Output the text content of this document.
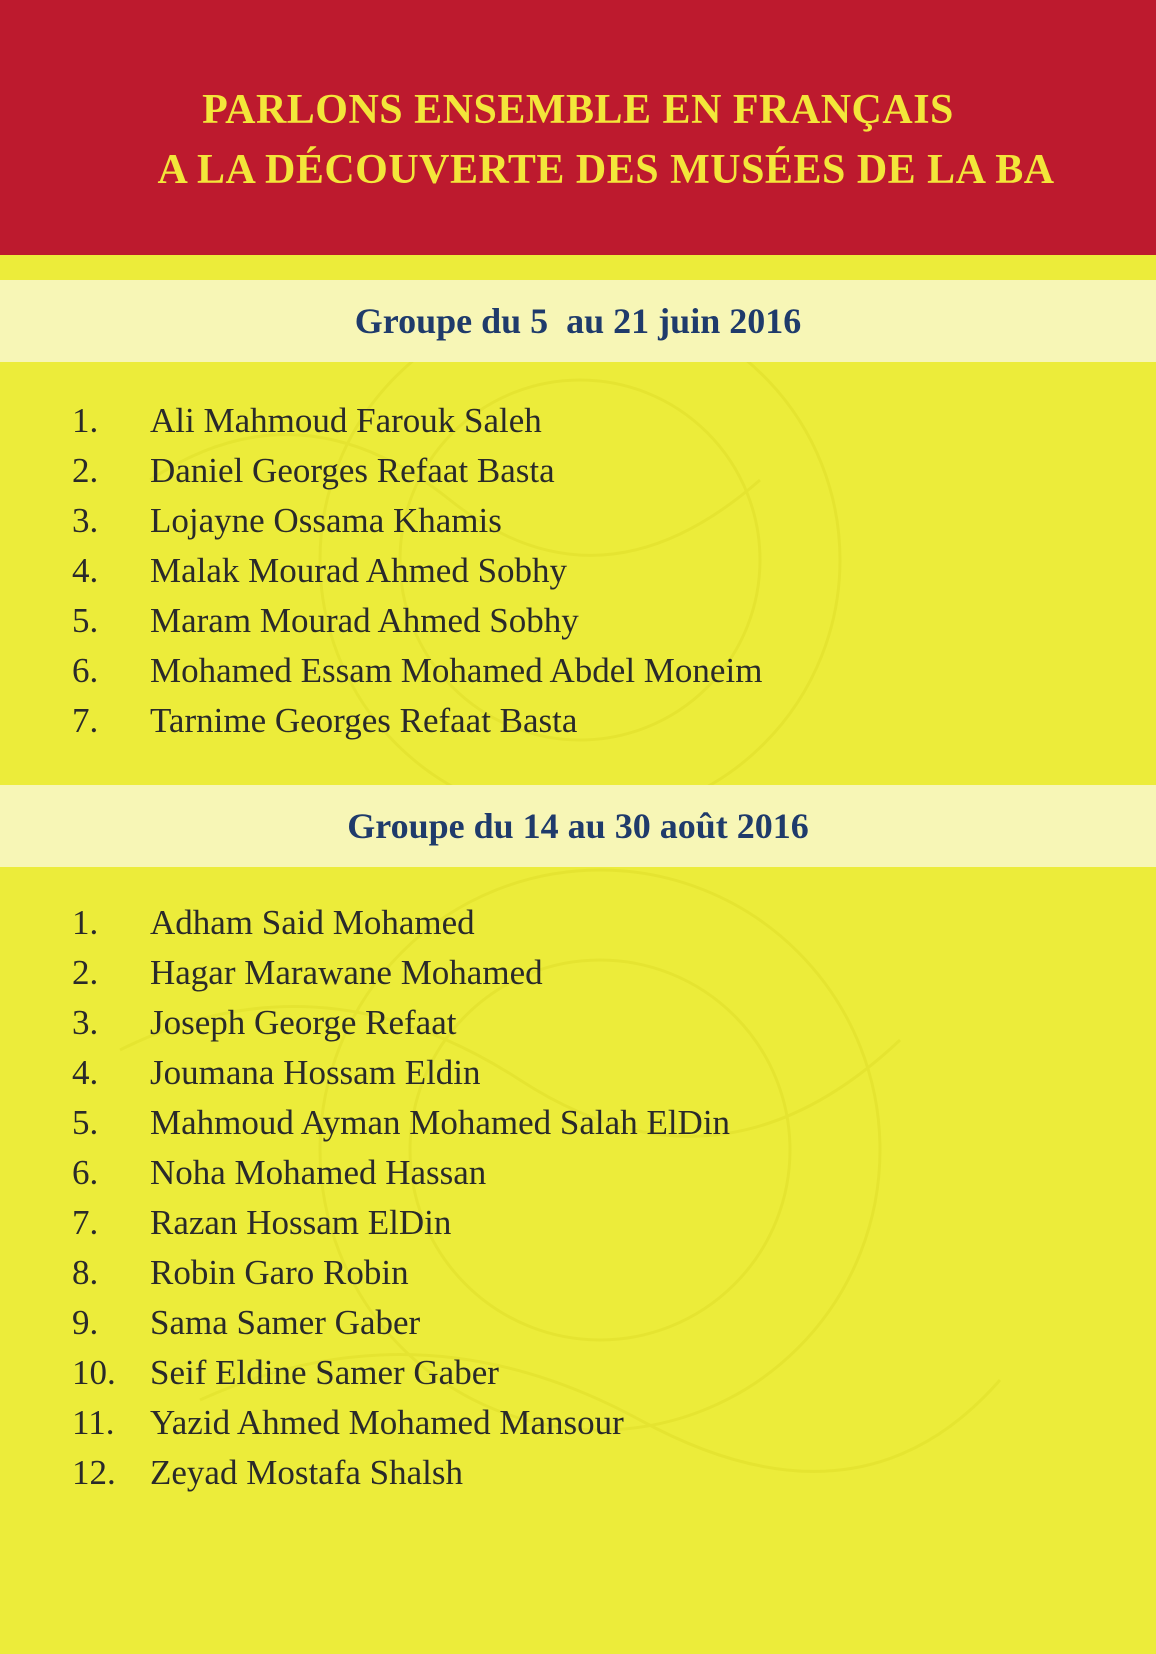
PARLONS ENSEMBLE EN FRANÇAIS
A LA DÉCOUVERTE DES MUSÉES DE LA BA
Groupe du 5  au 21 juin 2016
1.	Ali Mahmoud Farouk Saleh
2.	Daniel Georges Refaat Basta
3.	Lojayne Ossama Khamis
4.	Malak Mourad Ahmed Sobhy
5.	Maram Mourad Ahmed Sobhy
6.	Mohamed Essam Mohamed Abdel Moneim
7.	Tarnime Georges Refaat Basta
Groupe du 14 au 30 août 2016
1.	Adham Said Mohamed
2.	Hagar Marawane Mohamed
3.	Joseph George Refaat
4.	Joumana Hossam Eldin
5.	Mahmoud Ayman Mohamed Salah ElDin
6.	Noha Mohamed Hassan
7.	Razan Hossam ElDin
8.	Robin Garo Robin
9.	Sama Samer Gaber
10. Seif Eldine Samer Gaber
11.	Yazid Ahmed Mohamed Mansour
12. Zeyad Mostafa Shalsh
